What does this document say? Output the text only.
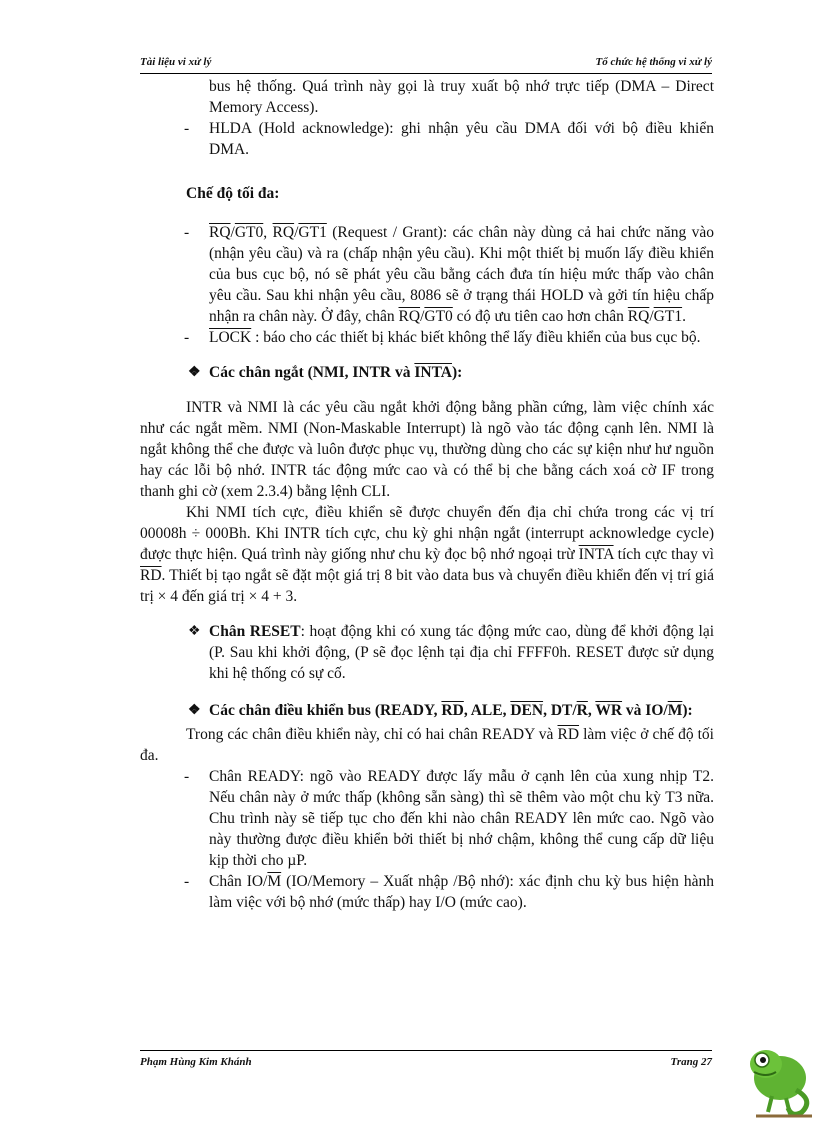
Tài liệu vi xử lý	Tổ chức hệ thống vi xử lý
bus hệ thống. Quá trình này gọi là truy xuất bộ nhớ trực tiếp (DMA – Direct Memory Access).
- HLDA (Hold acknowledge): ghi nhận yêu cầu DMA đối với bộ điều khiển DMA.
Chế độ tối đa:
- $\overline{RQ}/GT0$, $\overline{RQ}/GT1$ (Request / Grant): các chân này dùng cả hai chức năng vào (nhận yêu cầu) và ra (chấp nhận yêu cầu). Khi một thiết bị muốn lấy điều khiển của bus cục bộ, nó sẽ phát yêu cầu bằng cách đưa tín hiệu mức thấp vào chân yêu cầu. Sau khi nhận yêu cầu, 8086 sẽ ở trạng thái HOLD và gởi tín hiệu chấp nhận ra chân này. Ở đây, chân $\overline{RQ}/GT0$ có độ ưu tiên cao hơn chân $\overline{RQ}/GT1$.
- LOCK : báo cho các thiết bị khác biết không thể lấy điều khiển của bus cục bộ.
❖ Các chân ngắt (NMI, INTR và INTA):
INTR và NMI là các yêu cầu ngắt khởi động bằng phần cứng, làm việc chính xác như các ngắt mềm. NMI (Non-Maskable Interrupt) là ngõ vào tác động cạnh lên. NMI là ngắt không thể che được và luôn được phục vụ, thường dùng cho các sự kiện như hư nguồn hay các lỗi bộ nhớ. INTR tác động mức cao và có thể bị che bằng cách xoá cờ IF trong thanh ghi cờ (xem 2.3.4) bằng lệnh CLI.
Khi NMI tích cực, điều khiển sẽ được chuyển đến địa chỉ chứa trong các vị trí 00008h ÷ 000Bh. Khi INTR tích cực, chu kỳ ghi nhận ngắt (interrupt acknowledge cycle) được thực hiện. Quá trình này giống như chu kỳ đọc bộ nhớ ngoại trừ INTA tích cực thay vì $\overline{RD}$. Thiết bị tạo ngắt sẽ đặt một giá trị 8 bit vào data bus và chuyển điều khiển đến vị trí giá trị × 4 đến giá trị × 4 + 3.
❖ Chân RESET: hoạt động khi có xung tác động mức cao, dùng để khởi động lại (P. Sau khi khởi động, (P sẽ đọc lệnh tại địa chỉ FFFF0h. RESET được sử dụng khi hệ thống có sự cố.
❖ Các chân điều khiển bus (READY, $\overline{RD}$, ALE, $\overline{DEN}$, $DT/\overline{R}$, $\overline{WR}$ và $IO/\overline{M}$):
Trong các chân điều khiển này, chỉ có hai chân READY và $\overline{RD}$ làm việc ở chế độ tối đa.
- Chân READY: ngõ vào READY được lấy mẫu ở cạnh lên của xung nhịp T2. Nếu chân này ở mức thấp (không sẵn sàng) thì sẽ thêm vào một chu kỳ T3 nữa. Chu trình này sẽ tiếp tục cho đến khi nào chân READY lên mức cao. Ngõ vào này thường được điều khiển bởi thiết bị nhớ chậm, không thể cung cấp dữ liệu kịp thời cho µP.
- Chân $IO/\overline{M}$ (IO/Memory – Xuất nhập /Bộ nhớ): xác định chu kỳ bus hiện hành làm việc với bộ nhớ (mức thấp) hay I/O (mức cao).
Phạm Hùng Kim Khánh	Trang 27
